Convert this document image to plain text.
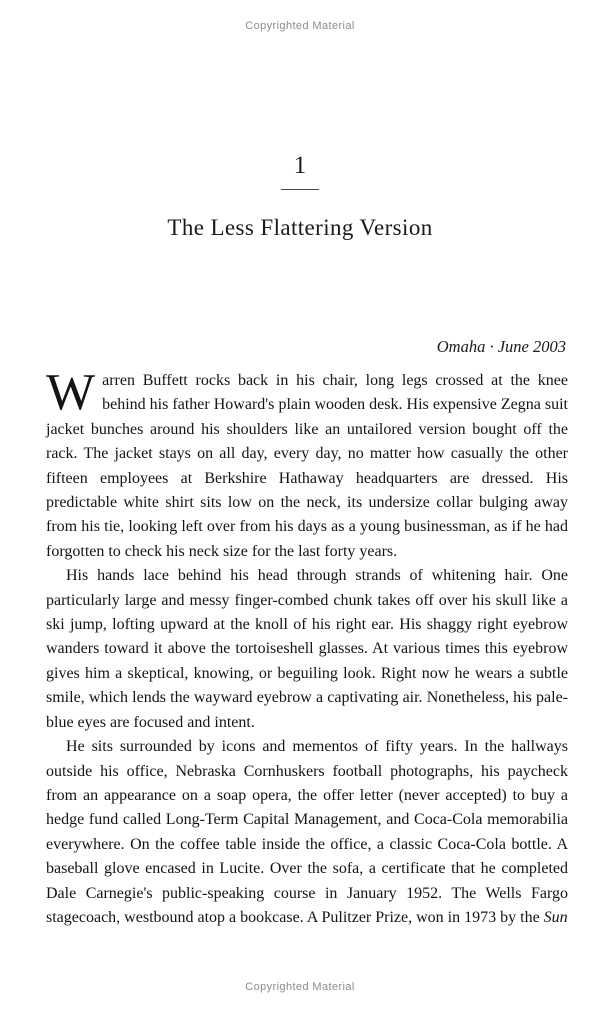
Copyrighted Material
1
The Less Flattering Version
Omaha · June 2003

Warren Buffett rocks back in his chair, long legs crossed at the knee behind his father Howard's plain wooden desk. His expensive Zegna suit jacket bunches around his shoulders like an untailored version bought off the rack. The jacket stays on all day, every day, no matter how casually the other fifteen employees at Berkshire Hathaway headquarters are dressed. His predictable white shirt sits low on the neck, its undersize collar bulging away from his tie, looking left over from his days as a young businessman, as if he had forgotten to check his neck size for the last forty years.

His hands lace behind his head through strands of whitening hair. One particularly large and messy finger-combed chunk takes off over his skull like a ski jump, lofting upward at the knoll of his right ear. His shaggy right eyebrow wanders toward it above the tortoiseshell glasses. At various times this eyebrow gives him a skeptical, knowing, or beguiling look. Right now he wears a subtle smile, which lends the wayward eyebrow a captivating air. Nonetheless, his pale-blue eyes are focused and intent.

He sits surrounded by icons and mementos of fifty years. In the hallways outside his office, Nebraska Cornhuskers football photographs, his paycheck from an appearance on a soap opera, the offer letter (never accepted) to buy a hedge fund called Long-Term Capital Management, and Coca-Cola memorabilia everywhere. On the coffee table inside the office, a classic Coca-Cola bottle. A baseball glove encased in Lucite. Over the sofa, a certificate that he completed Dale Carnegie's public-speaking course in January 1952. The Wells Fargo stagecoach, westbound atop a bookcase. A Pulitzer Prize, won in 1973 by the Sun

Copyrighted Material
